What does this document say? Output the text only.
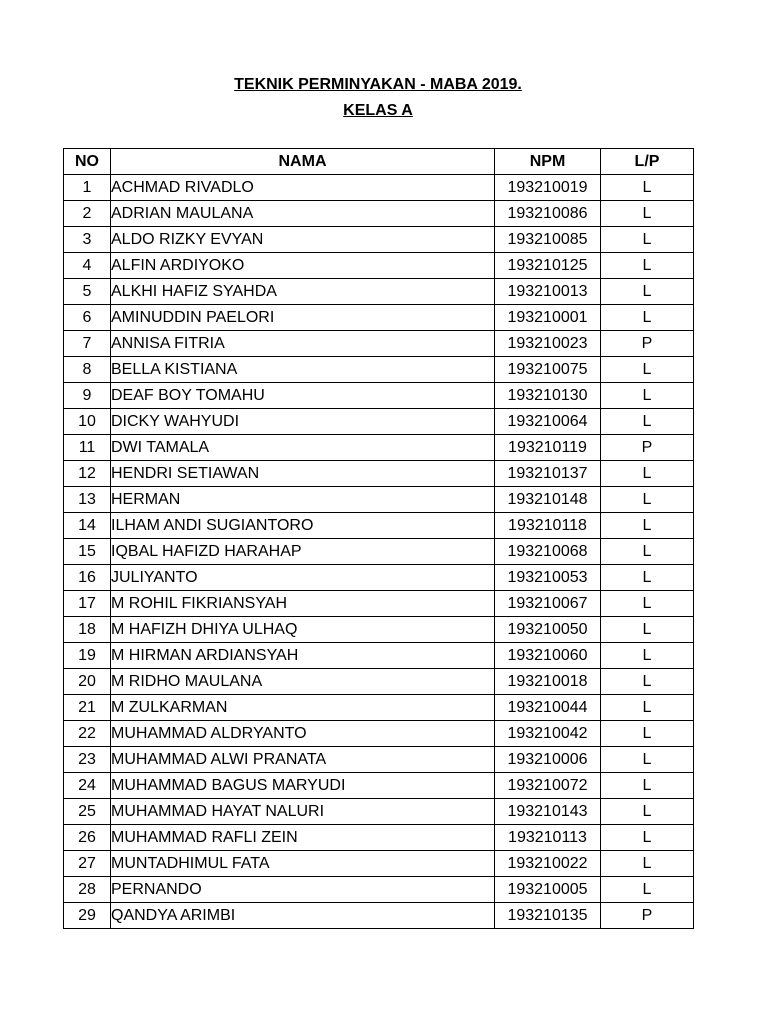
TEKNIK PERMINYAKAN - MABA 2019.
KELAS A
NO	NAMA	NPM	L/P
1	ACHMAD RIVADLO	193210019	L
2	ADRIAN MAULANA	193210086	L
3	ALDO RIZKY EVYAN	193210085	L
4	ALFIN ARDIYOKO	193210125	L
5	ALKHI HAFIZ SYAHDA	193210013	L
6	AMINUDDIN PAELORI	193210001	L
7	ANNISA FITRIA	193210023	P
8	BELLA KISTIANA	193210075	L
9	DEAF BOY TOMAHU	193210130	L
10	DICKY WAHYUDI	193210064	L
11	DWI TAMALA	193210119	P
12	HENDRI SETIAWAN	193210137	L
13	HERMAN	193210148	L
14	ILHAM ANDI SUGIANTORO	193210118	L
15	IQBAL HAFIZD HARAHAP	193210068	L
16	JULIYANTO	193210053	L
17	M ROHIL FIKRIANSYAH	193210067	L
18	M HAFIZH DHIYA ULHAQ	193210050	L
19	M HIRMAN ARDIANSYAH	193210060	L
20	M RIDHO MAULANA	193210018	L
21	M ZULKARMAN	193210044	L
22	MUHAMMAD ALDRYANTO	193210042	L
23	MUHAMMAD ALWI PRANATA	193210006	L
24	MUHAMMAD BAGUS MARYUDI	193210072	L
25	MUHAMMAD HAYAT NALURI	193210143	L
26	MUHAMMAD RAFLI ZEIN	193210113	L
27	MUNTADHIMUL FATA	193210022	L
28	PERNANDO	193210005	L
29	QANDYA ARIMBI	193210135	P
